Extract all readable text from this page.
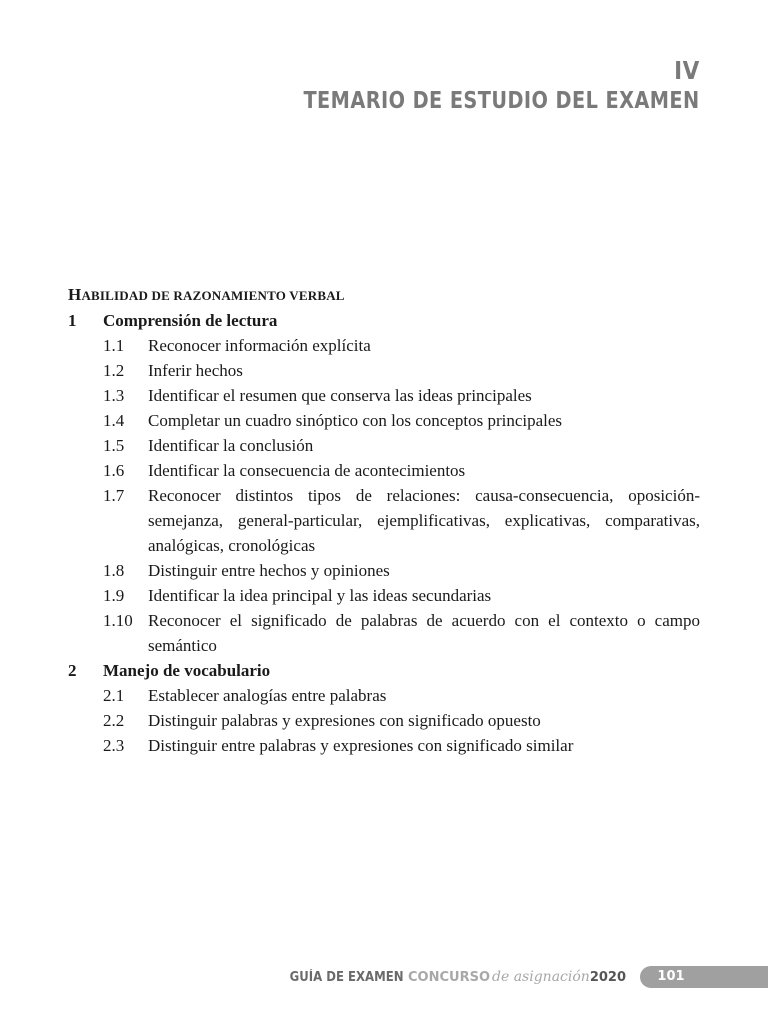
IV
TEMARIO DE ESTUDIO DEL EXAMEN
HABILIDAD DE RAZONAMIENTO VERBAL
1	Comprensión de lectura
1.1	Reconocer información explícita
1.2	Inferir hechos
1.3	Identificar el resumen que conserva las ideas principales
1.4	Completar un cuadro sinóptico con los conceptos principales
1.5	Identificar la conclusión
1.6	Identificar la consecuencia de acontecimientos
1.7	Reconocer distintos tipos de relaciones: causa-consecuencia, oposición-semejanza, general-particular, ejemplificativas, explicativas, comparativas, analógicas, cronológicas
1.8	Distinguir entre hechos y opiniones
1.9	Identificar la idea principal y las ideas secundarias
1.10 Reconocer el significado de palabras de acuerdo con el contexto o campo semántico
2	Manejo de vocabulario
2.1	Establecer analogías entre palabras
2.2	Distinguir palabras y expresiones con significado opuesto
2.3	Distinguir entre palabras y expresiones con significado similar
GUÍA DE EXAMEN CONCURSO de asignación2020	101
